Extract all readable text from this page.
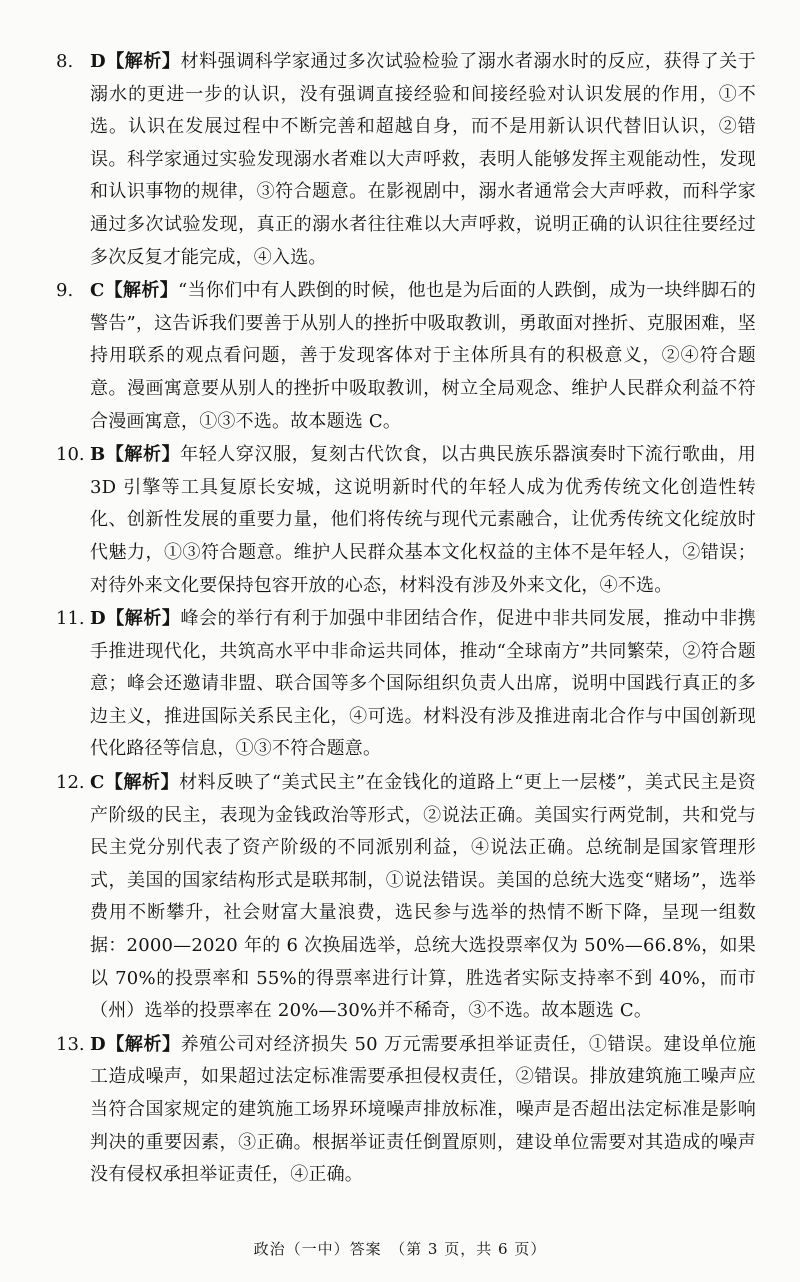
8. D【解析】材料强调科学家通过多次试验检验了溺水者溺水时的反应，获得了关于溺水的更进一步的认识，没有强调直接经验和间接经验对认识发展的作用，①不选。认识在发展过程中不断完善和超越自身，而不是用新认识代替旧认识，②错误。科学家通过实验发现溺水者难以大声呼救，表明人能够发挥主观能动性，发现和认识事物的规律，③符合题意。在影视剧中，溺水者通常会大声呼救，而科学家通过多次试验发现，真正的溺水者往往难以大声呼救，说明正确的认识往往要经过多次反复才能完成，④入选。
9. C【解析】“当你们中有人跌倒的时候，他也是为后面的人跌倒，成为一块绊脚石的警告”，这告诉我们要善于从别人的挫折中吸取教训，勇敢面对挫折、克服困难，坚持用联系的观点看问题，善于发现客体对于主体所具有的积极意义，②④符合题意。漫画寓意要从别人的挫折中吸取教训，树立全局观念、维护人民群众利益不符合漫画寓意，①③不选。故本题选 C。
10. B【解析】年轻人穿汉服，复刻古代饮食，以古典民族乐器演奏时下流行歌曲，用 3D 引擎等工具复原长安城，这说明新时代的年轻人成为优秀传统文化创造性转化、创新性发展的重要力量，他们将传统与现代元素融合，让优秀传统文化绽放时代魅力，①③符合题意。维护人民群众基本文化权益的主体不是年轻人，②错误；对待外来文化要保持包容开放的心态，材料没有涉及外来文化，④不选。
11. D【解析】峰会的举行有利于加强中非团结合作，促进中非共同发展，推动中非携手推进现代化，共筑高水平中非命运共同体，推动“全球南方”共同繁荣，②符合题意；峰会还邀请非盟、联合国等多个国际组织负责人出席，说明中国践行真正的多边主义，推进国际关系民主化，④可选。材料没有涉及推进南北合作与中国创新现代化路径等信息，①③不符合题意。
12. C【解析】材料反映了“美式民主”在金钱化的道路上“更上一层楼”，美式民主是资产阶级的民主，表现为金钱政治等形式，②说法正确。美国实行两党制，共和党与民主党分别代表了资产阶级的不同派别利益，④说法正确。总统制是国家管理形式，美国的国家结构形式是联邦制，①说法错误。美国的总统大选变“赌场”，选举费用不断攀升，社会财富大量浪费，选民参与选举的热情不断下降，呈现一组数据：2000—2020 年的 6 次换届选举，总统大选投票率仅为 50%—66.8%，如果以 70%的投票率和 55%的得票率进行计算，胜选者实际支持率不到 40%，而市（州）选举的投票率在 20%—30%并不稀奇，③不选。故本题选 C。
13. D【解析】养殖公司对经济损失 50 万元需要承担举证责任，①错误。建设单位施工造成噪声，如果超过法定标准需要承担侵权责任，②错误。排放建筑施工噪声应当符合国家规定的建筑施工场界环境噪声排放标准，噪声是否超出法定标准是影响判决的重要因素，③正确。根据举证责任倒置原则，建设单位需要对其造成的噪声没有侵权承担举证责任，④正确。
政治（一中）答案　（第 3 页，共 6 页）
